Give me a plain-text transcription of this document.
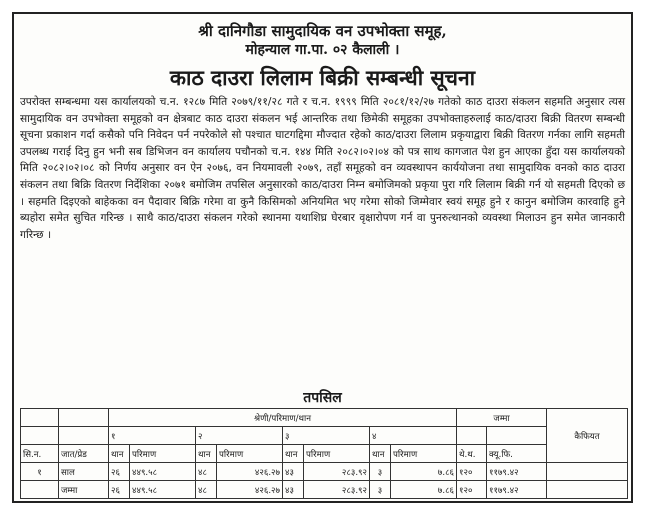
श्री दानिगौडा सामुदायिक वन उपभोक्ता समूह,
मोहन्याल गा.पा. ०२ कैलाली ।
काठ दाउरा लिलाम बिक्री सम्बन्धी सूचना

उपरोक्त सम्बन्धमा यस कार्यालयको च.न. १२८७ मिति २०७९/११/२८ गते र च.न. १९९९ मिति २०८१/१२/२७ गतेको काठ दाउरा संकलन सहमति अनुसार त्यस सामुदायिक वन उपभोक्ता समूहको वन क्षेत्रबाट काठ दाउरा संकलन भई आन्तरिक तथा छिमेकी समूहका उपभोक्ताहरुलाई काठ/दाउरा बिक्री वितरण सम्बन्धी सूचना प्रकाशन गर्दा कसैको पनि निवेदन पर्न नपरेकोले सो पश्चात घाटगद्दिमा मौज्दात रहेको काठ/दाउरा लिलाम प्रकृयाद्वारा बिक्री वितरण गर्नका लागि सहमती उपलब्ध गराई दिनु हुन भनी सब डिभिजन वन कार्यालय पचौनको च.न. १४४ मिति २०८२।०२।०४ को पत्र साथ कागजात पेश हुन आएका हुँदा यस कार्यालयको मिति २०८२।०२।०८ को निर्णय अनुसार वन ऐन २०७६, वन नियमावली २०७९, तहाँ समूहको वन व्यवस्थापन कार्ययोजना तथा सामुदायिक वनको काठ दाउरा संकलन तथा बिक्रि वितरण निर्देशिका २०७१ बमोजिम तपसिल अनुसारको काठ/दाउरा निम्न बमोजिमको प्रकृया पुरा गरि लिलाम बिक्री गर्न यो सहमती दिएको छ । सहमति दिइएको बाहेकका वन पैदावार बिक्रि गरेमा वा कुनै किसिमको अनियमित भए गरेमा सोको जिम्मेवार स्वयं समूह हुने र कानुन बमोजिम कारवाहि हुने ब्यहोरा समेत सुचित गरिन्छ । साथै काठ/दाउरा संकलन गरेको स्थानमा यथाशिघ्र घेरबार वृक्षारोपण गर्न वा पुनरुत्थानको व्यवस्था मिलाउन हुन समेत जानकारी गरिन्छ ।

तपसिल
		श्रेणी/परिमाण/थान								जम्मा		कैफियत
		१		२		३		४				
सि.न.	जात/प्रेड	थान	परिमाण	थान	परिमाण	थान	परिमाण	थान	परिमाण	थे.थ.	क्यू.फि.	
१	साल	२६	४४९.५८	४८	४२६.२७	४३	२८३.९२	३	७.८६	१२०	११७९.४२	
	जम्मा	२६	४४९.५८	४८	४२६.२७	४३	२८३.९२	३	७.८६	१२०	११७९.४२	
